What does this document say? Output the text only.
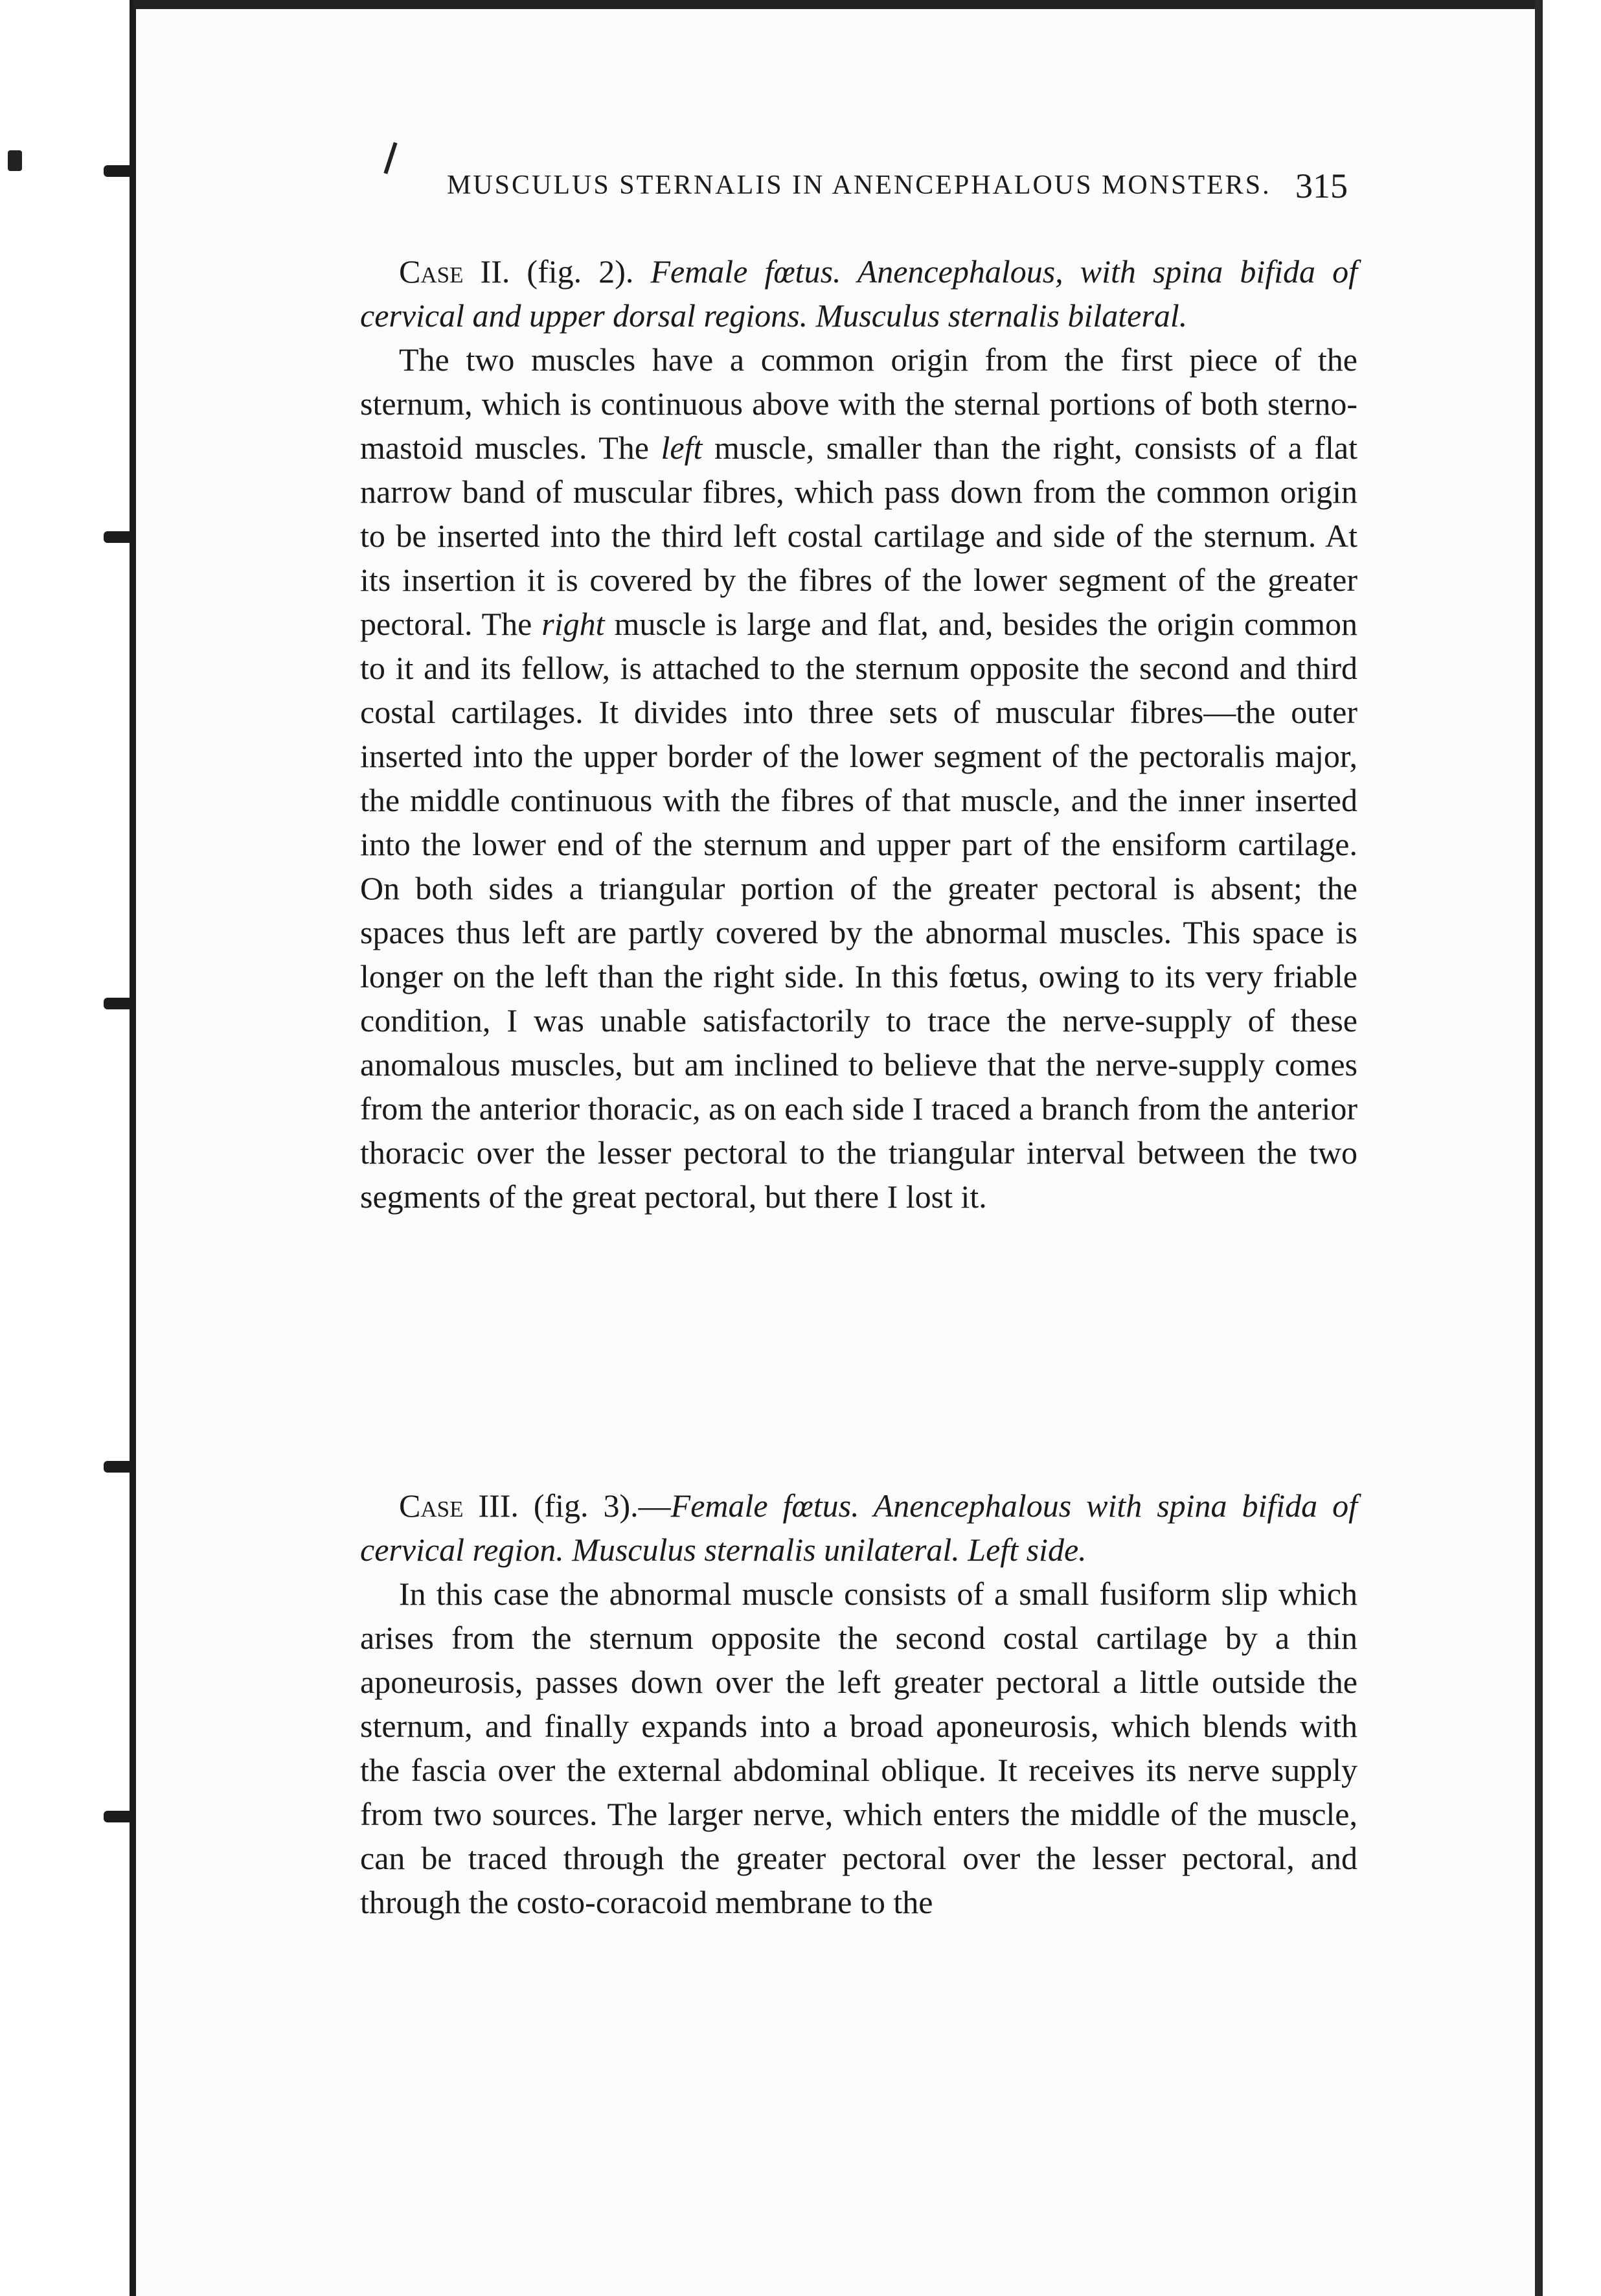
MUSCULUS STERNALIS IN ANENCEPHALOUS MONSTERS. 315

Case II. (fig. 2). Female fœtus. Anencephalous, with spina bifida of cervical and upper dorsal regions. Musculus sternalis bilateral.

The two muscles have a common origin from the first piece of the sternum, which is continuous above with the sternal portions of both sterno-mastoid muscles. The left muscle, smaller than the right, consists of a flat narrow band of muscular fibres, which pass down from the common origin to be inserted into the third left costal cartilage and side of the sternum. At its insertion it is covered by the fibres of the lower segment of the greater pectoral. The right muscle is large and flat, and, besides the origin common to it and its fellow, is attached to the sternum opposite the second and third costal cartilages. It divides into three sets of muscular fibres—the outer inserted into the upper border of the lower segment of the pectoralis major, the middle continuous with the fibres of that muscle, and the inner inserted into the lower end of the sternum and upper part of the ensiform cartilage. On both sides a triangular portion of the greater pectoral is absent; the spaces thus left are partly covered by the abnormal muscles. This space is longer on the left than the right side. In this fœtus, owing to its very friable condition, I was unable satisfactorily to trace the nerve-supply of these anomalous muscles, but am inclined to believe that the nerve-supply comes from the anterior thoracic, as on each side I traced a branch from the anterior thoracic over the lesser pectoral to the triangular interval between the two segments of the great pectoral, but there I lost it.

Case III. (fig. 3).—Female fœtus. Anencephalous with spina bifida of cervical region. Musculus sternalis unilateral. Left side.

In this case the abnormal muscle consists of a small fusiform slip which arises from the sternum opposite the second costal cartilage by a thin aponeurosis, passes down over the left greater pectoral a little outside the sternum, and finally expands into a broad aponeurosis, which blends with the fascia over the external abdominal oblique. It receives its nerve supply from two sources. The larger nerve, which enters the middle of the muscle, can be traced through the greater pectoral over the lesser pectoral, and through the costo-coracoid membrane to the
